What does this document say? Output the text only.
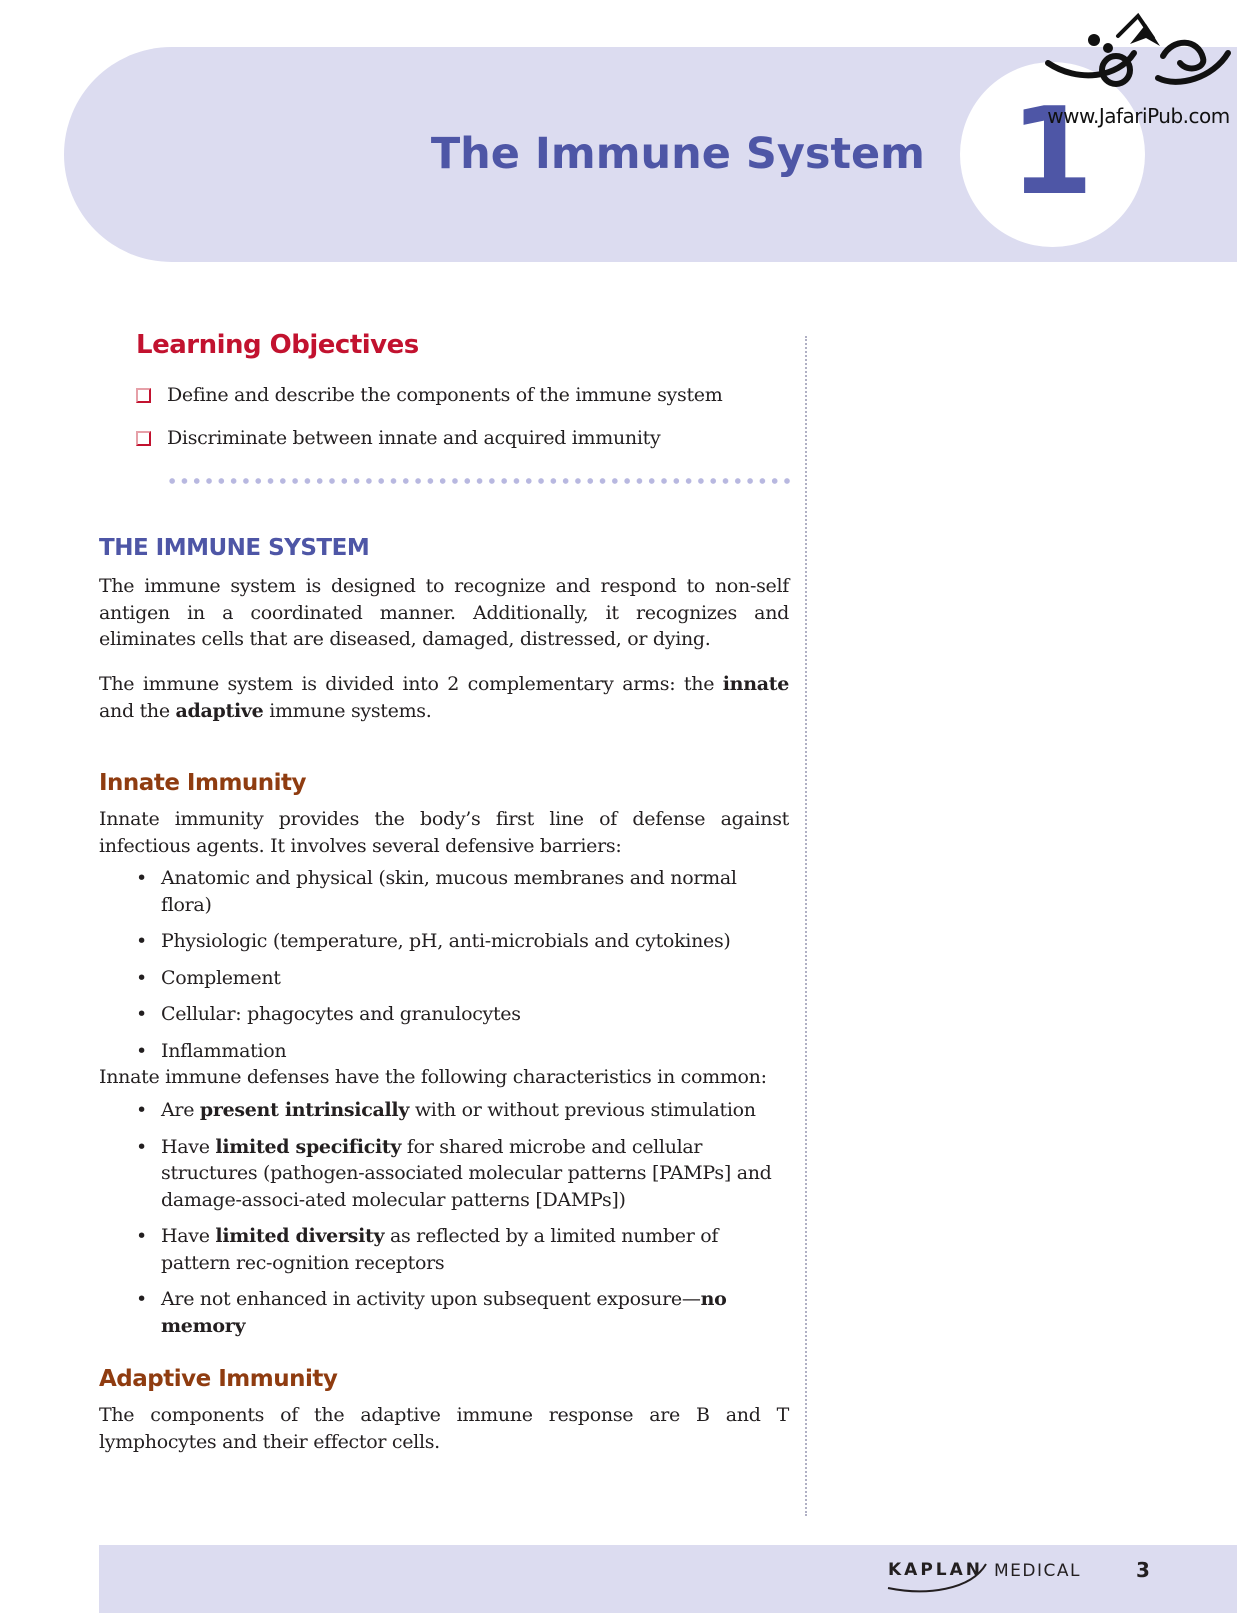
1
The Immune System
www.JafariPub.com
Learning Objectives
Define and describe the components of the immune system
Discriminate between innate and acquired immunity
THE IMMUNE SYSTEM

The immune system is designed to recognize and respond to non-self antigen in a coordinated manner. Additionally, it recognizes and eliminates cells that are diseased, damaged, distressed, or dying.

The immune system is divided into 2 complementary arms: the innate and the adaptive immune systems.

Innate Immunity

Innate immunity provides the body’s first line of defense against infectious agents. It involves several defensive barriers:

• Anatomic and physical (skin, mucous membranes and normal flora)
• Physiologic (temperature, pH, anti-microbials and cytokines)
• Complement
• Cellular: phagocytes and granulocytes
• Inflammation

Innate immune defenses have the following characteristics in common:

• Are present intrinsically with or without previous stimulation
• Have limited specificity for shared microbe and cellular structures (pathogen-associated molecular patterns [PAMPs] and damage-associ-ated molecular patterns [DAMPs])
• Have limited diversity as reflected by a limited number of pattern rec-ognition receptors
• Are not enhanced in activity upon subsequent exposure—no memory
Adaptive Immunity

The components of the adaptive immune response are B and T lymphocytes and their effector cells.

KAPLAN MEDICAL	3
